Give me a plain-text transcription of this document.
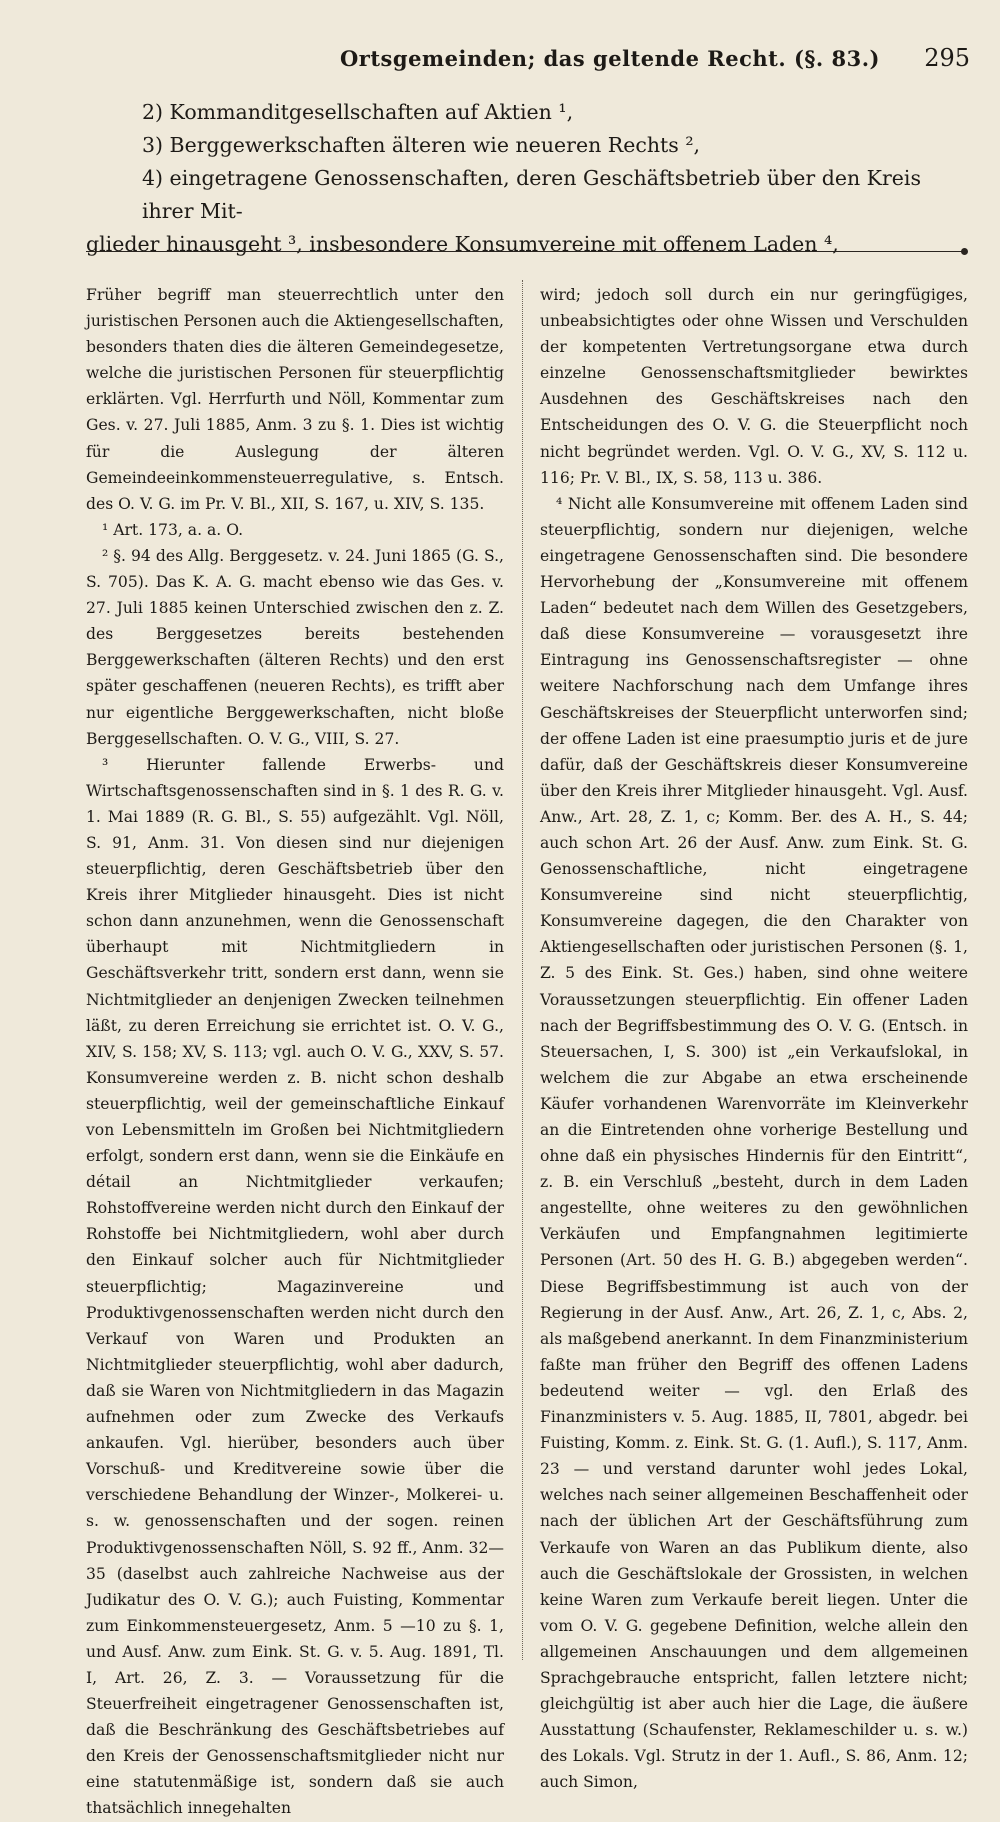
Ortsgemeinden; das geltende Recht. (§. 83.) 295

2) Kommanditgesellschaften auf Aktien ¹,

3) Berggewerkschaften älteren wie neueren Rechts ²,

4) eingetragene Genossenschaften, deren Geschäftsbetrieb über den Kreis ihrer Mit-

glieder hinausgeht ³, insbesondere Konsumvereine mit offenem Laden ⁴,

Früher begriff man steuerrechtlich unter den juristischen Personen auch die Aktiengesellschaften, besonders thaten dies die älteren Gemeindegesetze, welche die juristischen Personen für steuerpflichtig erklärten. Vgl. Herrfurth und Nöll, Kommentar zum Ges. v. 27. Juli 1885, Anm. 3 zu §. 1. Dies ist wichtig für die Auslegung der älteren Gemeindeeinkommensteuerregulative, s. Entsch. des O. V. G. im Pr. V. Bl., XII, S. 167, u. XIV, S. 135.

¹ Art. 173, a. a. O.

² §. 94 des Allg. Berggesetz. v. 24. Juni 1865 (G. S., S. 705). Das K. A. G. macht ebenso wie das Ges. v. 27. Juli 1885 keinen Unterschied zwischen den z. Z. des Berggesetzes bereits bestehenden Berggewerkschaften (älteren Rechts) und den erst später geschaffenen (neueren Rechts), es trifft aber nur eigentliche Berggewerkschaften, nicht bloße Berggesellschaften. O. V. G., VIII, S. 27.

³ Hierunter fallende Erwerbs- und Wirtschaftsgenossenschaften sind in §. 1 des R. G. v. 1. Mai 1889 (R. G. Bl., S. 55) aufgezählt. Vgl. Nöll, S. 91, Anm. 31. Von diesen sind nur diejenigen steuerpflichtig, deren Geschäftsbetrieb über den Kreis ihrer Mitglieder hinausgeht. Dies ist nicht schon dann anzunehmen, wenn die Genossenschaft überhaupt mit Nichtmitgliedern in Geschäftsverkehr tritt, sondern erst dann, wenn sie Nichtmitglieder an denjenigen Zwecken teilnehmen läßt, zu deren Erreichung sie errichtet ist. O. V. G., XIV, S. 158; XV, S. 113; vgl. auch O. V. G., XXV, S. 57. Konsumvereine werden z. B. nicht schon deshalb steuerpflichtig, weil der gemeinschaftliche Einkauf von Lebensmitteln im Großen bei Nichtmitgliedern erfolgt, sondern erst dann, wenn sie die Einkäufe en détail an Nichtmitglieder verkaufen; Rohstoffvereine werden nicht durch den Einkauf der Rohstoffe bei Nichtmitgliedern, wohl aber durch den Einkauf solcher auch für Nichtmitglieder steuerpflichtig; Magazinvereine und Produktivgenossenschaften werden nicht durch den Verkauf von Waren und Produkten an Nichtmitglieder steuerpflichtig, wohl aber dadurch, daß sie Waren von Nichtmitgliedern in das Magazin aufnehmen oder zum Zwecke des Verkaufs ankaufen. Vgl. hierüber, besonders auch über Vorschuß- und Kreditvereine sowie über die verschiedene Behandlung der Winzer-, Molkerei- u. s. w. genossenschaften und der sogen. reinen Produktivgenossenschaften Nöll, S. 92 ff., Anm. 32—35 (daselbst auch zahlreiche Nachweise aus der Judikatur des O. V. G.); auch Fuisting, Kommentar zum Einkommensteuergesetz, Anm. 5 —10 zu §. 1, und Ausf. Anw. zum Eink. St. G. v. 5. Aug. 1891, Tl. I, Art. 26, Z. 3. — Voraussetzung für die Steuerfreiheit eingetragener Genossenschaften ist, daß die Beschränkung des Geschäftsbetriebes auf den Kreis der Genossenschaftsmitglieder nicht nur eine statutenmäßige ist, sondern daß sie auch thatsächlich innegehalten

wird; jedoch soll durch ein nur geringfügiges, unbeabsichtigtes oder ohne Wissen und Verschulden der kompetenten Vertretungsorgane etwa durch einzelne Genossenschaftsmitglieder bewirktes Ausdehnen des Geschäftskreises nach den Entscheidungen des O. V. G. die Steuerpflicht noch nicht begründet werden. Vgl. O. V. G., XV, S. 112 u. 116; Pr. V. Bl., IX, S. 58, 113 u. 386.

⁴ Nicht alle Konsumvereine mit offenem Laden sind steuerpflichtig, sondern nur diejenigen, welche eingetragene Genossenschaften sind. Die besondere Hervorhebung der „Konsumvereine mit offenem Laden“ bedeutet nach dem Willen des Gesetzgebers, daß diese Konsumvereine — vorausgesetzt ihre Eintragung ins Genossenschaftsregister — ohne weitere Nachforschung nach dem Umfange ihres Geschäftskreises der Steuerpflicht unterworfen sind; der offene Laden ist eine praesumptio juris et de jure dafür, daß der Geschäftskreis dieser Konsumvereine über den Kreis ihrer Mitglieder hinausgeht. Vgl. Ausf. Anw., Art. 28, Z. 1, c; Komm. Ber. des A. H., S. 44; auch schon Art. 26 der Ausf. Anw. zum Eink. St. G. Genossenschaftliche, nicht eingetragene Konsumvereine sind nicht steuerpflichtig, Konsumvereine dagegen, die den Charakter von Aktiengesellschaften oder juristischen Personen (§. 1, Z. 5 des Eink. St. Ges.) haben, sind ohne weitere Voraussetzungen steuerpflichtig. Ein offener Laden nach der Begriffsbestimmung des O. V. G. (Entsch. in Steuersachen, I, S. 300) ist „ein Verkaufslokal, in welchem die zur Abgabe an etwa erscheinende Käufer vorhandenen Warenvorräte im Kleinverkehr an die Eintretenden ohne vorherige Bestellung und ohne daß ein physisches Hindernis für den Eintritt“, z. B. ein Verschluß „besteht, durch in dem Laden angestellte, ohne weiteres zu den gewöhnlichen Verkäufen und Empfangnahmen legitimierte Personen (Art. 50 des H. G. B.) abgegeben werden“. Diese Begriffsbestimmung ist auch von der Regierung in der Ausf. Anw., Art. 26, Z. 1, c, Abs. 2, als maßgebend anerkannt. In dem Finanzministerium faßte man früher den Begriff des offenen Ladens bedeutend weiter — vgl. den Erlaß des Finanzministers v. 5. Aug. 1885, II, 7801, abgedr. bei Fuisting, Komm. z. Eink. St. G. (1. Aufl.), S. 117, Anm. 23 — und verstand darunter wohl jedes Lokal, welches nach seiner allgemeinen Beschaffenheit oder nach der üblichen Art der Geschäftsführung zum Verkaufe von Waren an das Publikum diente, also auch die Geschäftslokale der Grossisten, in welchen keine Waren zum Verkaufe bereit liegen. Unter die vom O. V. G. gegebene Definition, welche allein den allgemeinen Anschauungen und dem allgemeinen Sprachgebrauche entspricht, fallen letztere nicht; gleichgültig ist aber auch hier die Lage, die äußere Ausstattung (Schaufenster, Reklameschilder u. s. w.) des Lokals. Vgl. Strutz in der 1. Aufl., S. 86, Anm. 12; auch Simon,
